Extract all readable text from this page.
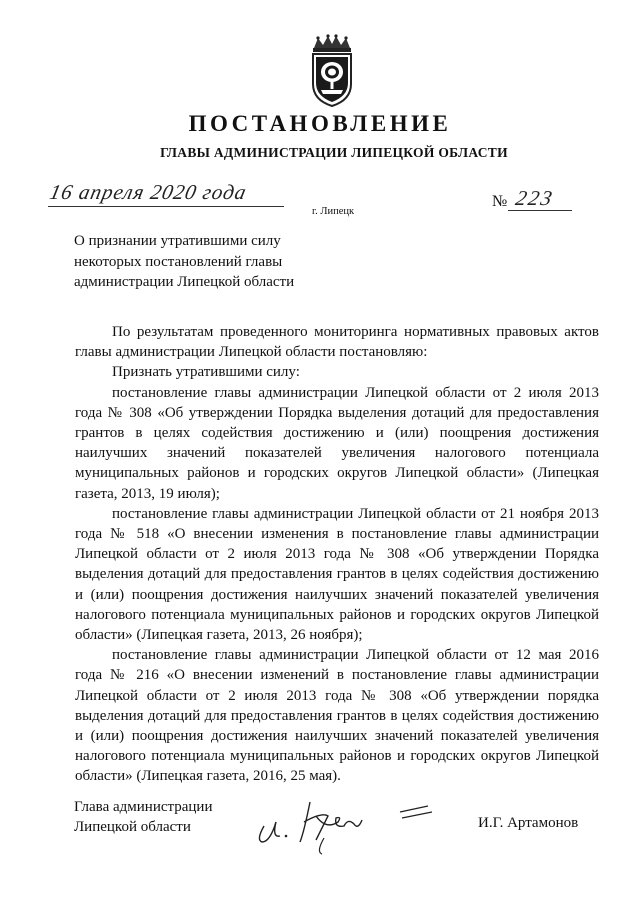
ПОСТАНОВЛЕНИЕ
ГЛАВЫ АДМИНИСТРАЦИИ ЛИПЕЦКОЙ ОБЛАСТИ
16 апреля 2020 года
г. Липецк
№ 223
О признании утратившими силу некоторых постановлений главы администрации Липецкой области

По результатам проведенного мониторинга нормативных правовых актов главы администрации Липецкой области постановляю:

Признать утратившими силу:

постановление главы администрации Липецкой области от 2 июля 2013 года № 308 «Об утверждении Порядка выделения дотаций для предоставления грантов в целях содействия достижению и (или) поощрения достижения наилучших значений показателей увеличения налогового потенциала муниципальных районов и городских округов Липецкой области» (Липецкая газета, 2013, 19 июля);

постановление главы администрации Липецкой области от 21 ноября 2013 года № 518 «О внесении изменения в постановление главы администрации Липецкой области от 2 июля 2013 года № 308 «Об утверждении Порядка выделения дотаций для предоставления грантов в целях содействия достижению и (или) поощрения достижения наилучших значений показателей увеличения налогового потенциала муниципальных районов и городских округов Липецкой области» (Липецкая газета, 2013, 26 ноября);

постановление главы администрации Липецкой области от 12 мая 2016 года № 216 «О внесении изменений в постановление главы администрации Липецкой области от 2 июля 2013 года № 308 «Об утверждении порядка выделения дотаций для предоставления грантов в целях содействия достижению и (или) поощрения достижения наилучших значений показателей увеличения налогового потенциала муниципальных районов и городских округов Липецкой области» (Липецкая газета, 2016, 25 мая).

Глава администрации
Липецкой области	И.Г. Артамонов
